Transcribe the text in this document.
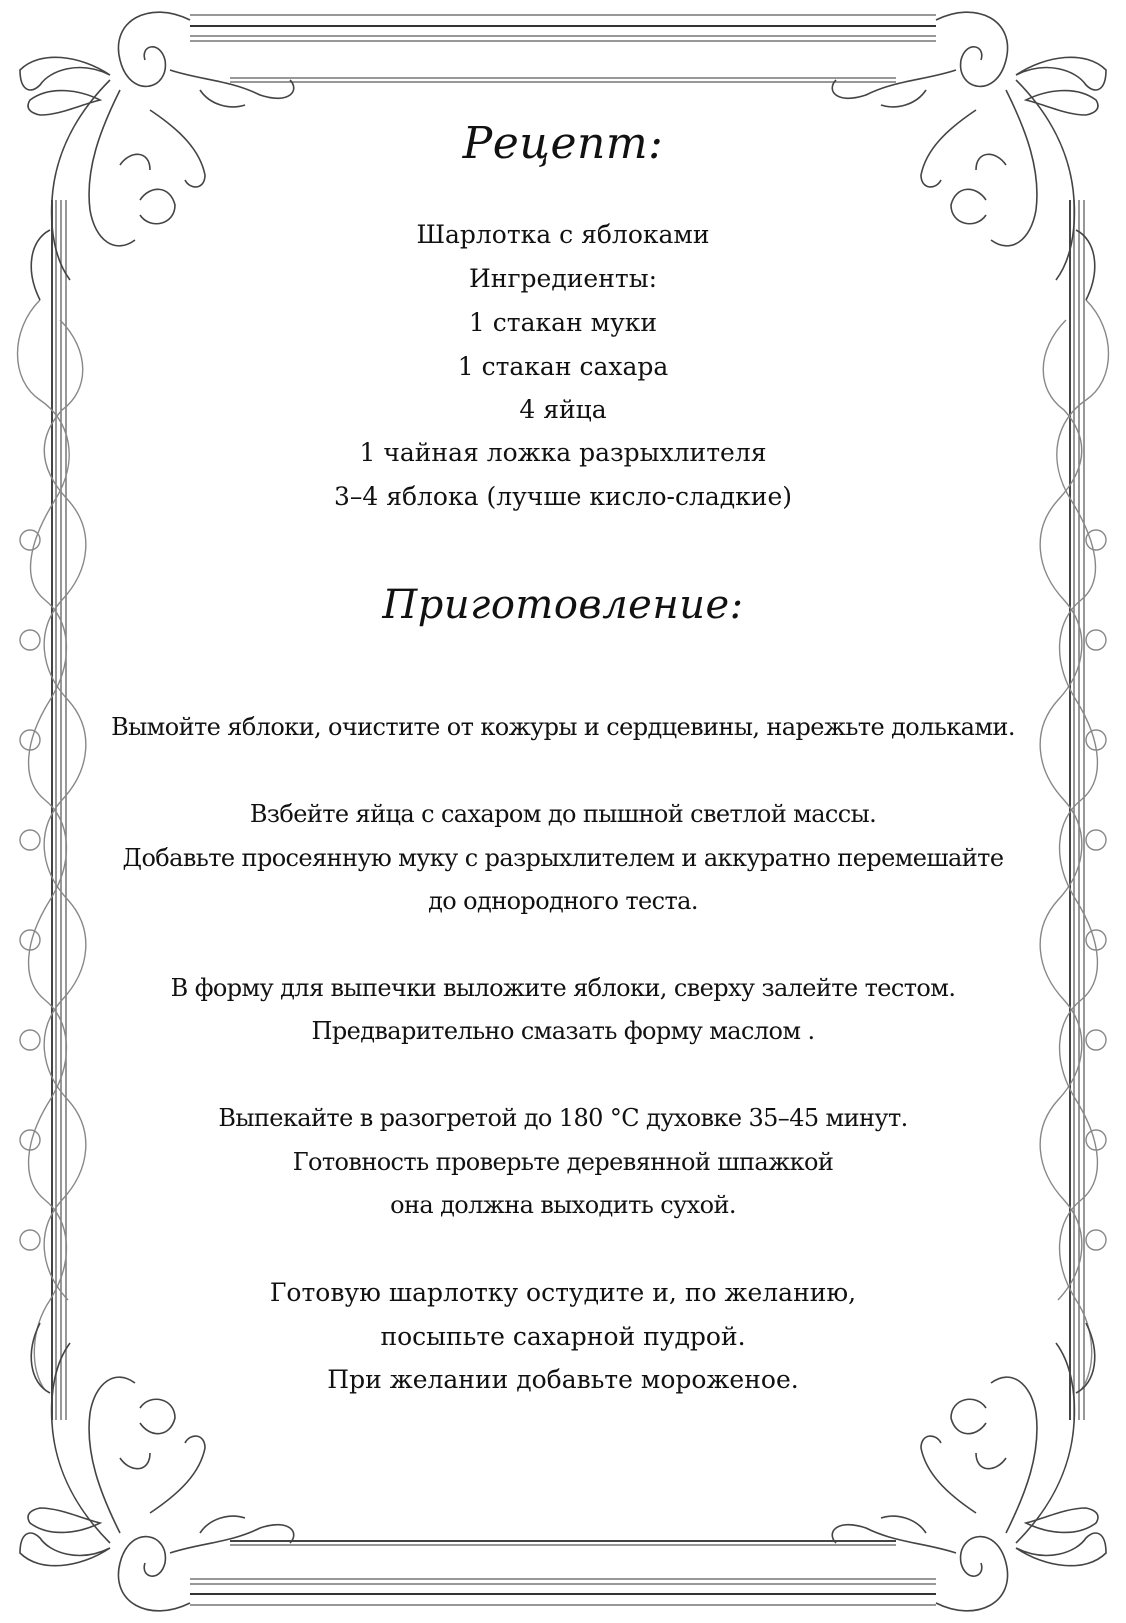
Рецепт:
Шарлотка с яблоками
Ингредиенты:
1 стакан муки
1 стакан сахара
4 яйца
1 чайная ложка разрыхлителя
3–4 яблока (лучше кисло-сладкие)
Приготовление:
Вымойте яблоки, очистите от кожуры и сердцевины, нарежьте дольками.
Взбейте яйца с сахаром до пышной светлой массы.
Добавьте просеянную муку с разрыхлителем и аккуратно перемешайте
до однородного теста.
В форму для выпечки выложите яблоки, сверху залейте тестом.
Предварительно смазать форму маслом .
Выпекайте в разогретой до 180 °C духовке 35–45 минут.
Готовность проверьте деревянной шпажкой
она должна выходить сухой.
Готовую шарлотку остудите и, по желанию,
посыпьте сахарной пудрой.
При желании добавьте мороженое.
